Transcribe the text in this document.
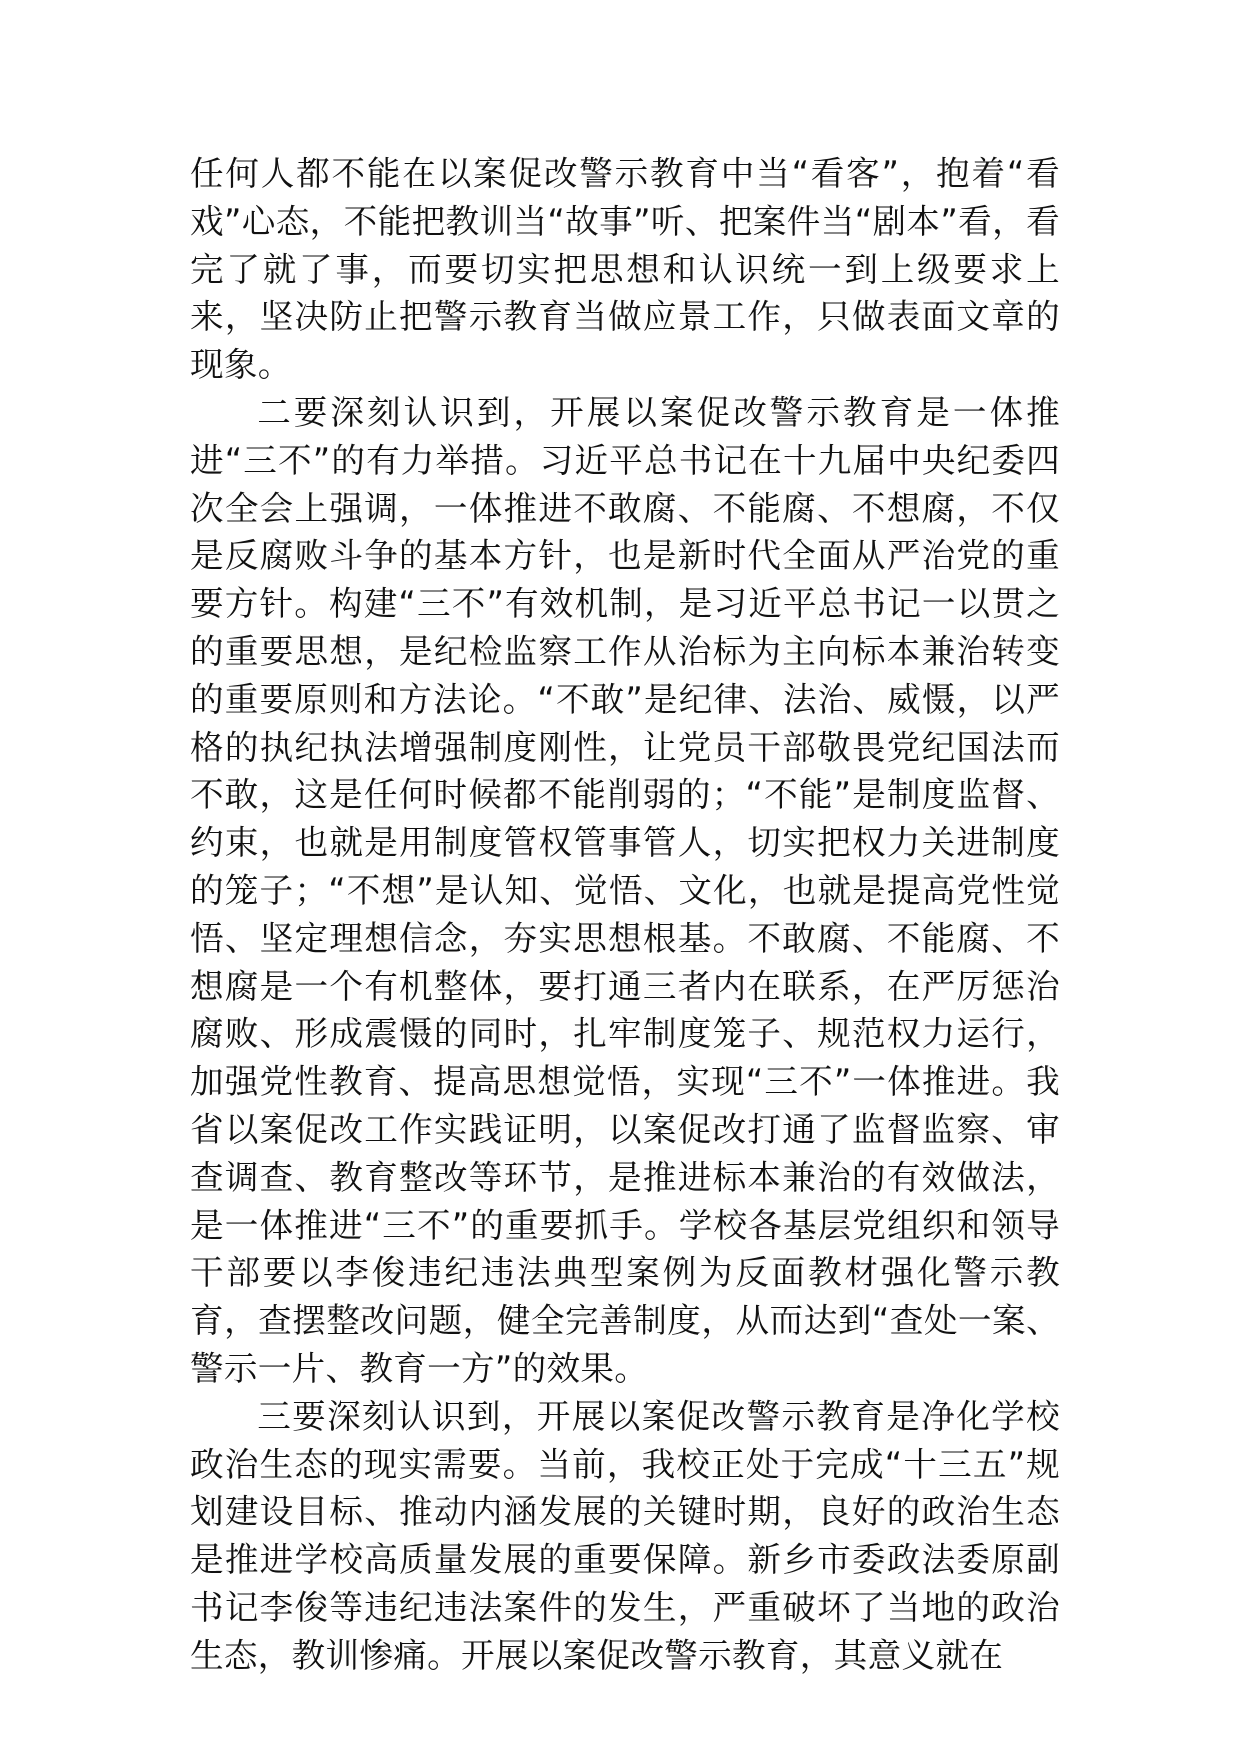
任何人都不能在以案促改警示教育中当“看客”，抱着“看戏”心态，不能把教训当“故事”听、把案件当“剧本”看，看完了就了事，而要切实把思想和认识统一到上级要求上来，坚决防止把警示教育当做应景工作，只做表面文章的现象。

二要深刻认识到，开展以案促改警示教育是一体推进“三不”的有力举措。习近平总书记在十九届中央纪委四次全会上强调，一体推进不敢腐、不能腐、不想腐，不仅是反腐败斗争的基本方针，也是新时代全面从严治党的重要方针。构建“三不”有效机制，是习近平总书记一以贯之的重要思想，是纪检监察工作从治标为主向标本兼治转变的重要原则和方法论。“不敢”是纪律、法治、威慑，以严格的执纪执法增强制度刚性，让党员干部敬畏党纪国法而不敢，这是任何时候都不能削弱的；“不能”是制度监督、约束，也就是用制度管权管事管人，切实把权力关进制度的笼子；“不想”是认知、觉悟、文化，也就是提高党性觉悟、坚定理想信念，夯实思想根基。不敢腐、不能腐、不想腐是一个有机整体，要打通三者内在联系，在严厉惩治腐败、形成震慑的同时，扎牢制度笼子、规范权力运行，加强党性教育、提高思想觉悟，实现“三不”一体推进。我省以案促改工作实践证明，以案促改打通了监督监察、审查调查、教育整改等环节，是推进标本兼治的有效做法，是一体推进“三不”的重要抓手。学校各基层党组织和领导干部要以李俊违纪违法典型案例为反面教材强化警示教育，查摆整改问题，健全完善制度，从而达到“查处一案、警示一片、教育一方”的效果。

三要深刻认识到，开展以案促改警示教育是净化学校政治生态的现实需要。当前，我校正处于完成“十三五”规划建设目标、推动内涵发展的关键时期，良好的政治生态是推进学校高质量发展的重要保障。新乡市委政法委原副书记李俊等违纪违法案件的发生，严重破坏了当地的政治生态，教训惨痛。开展以案促改警示教育，其意义就在
